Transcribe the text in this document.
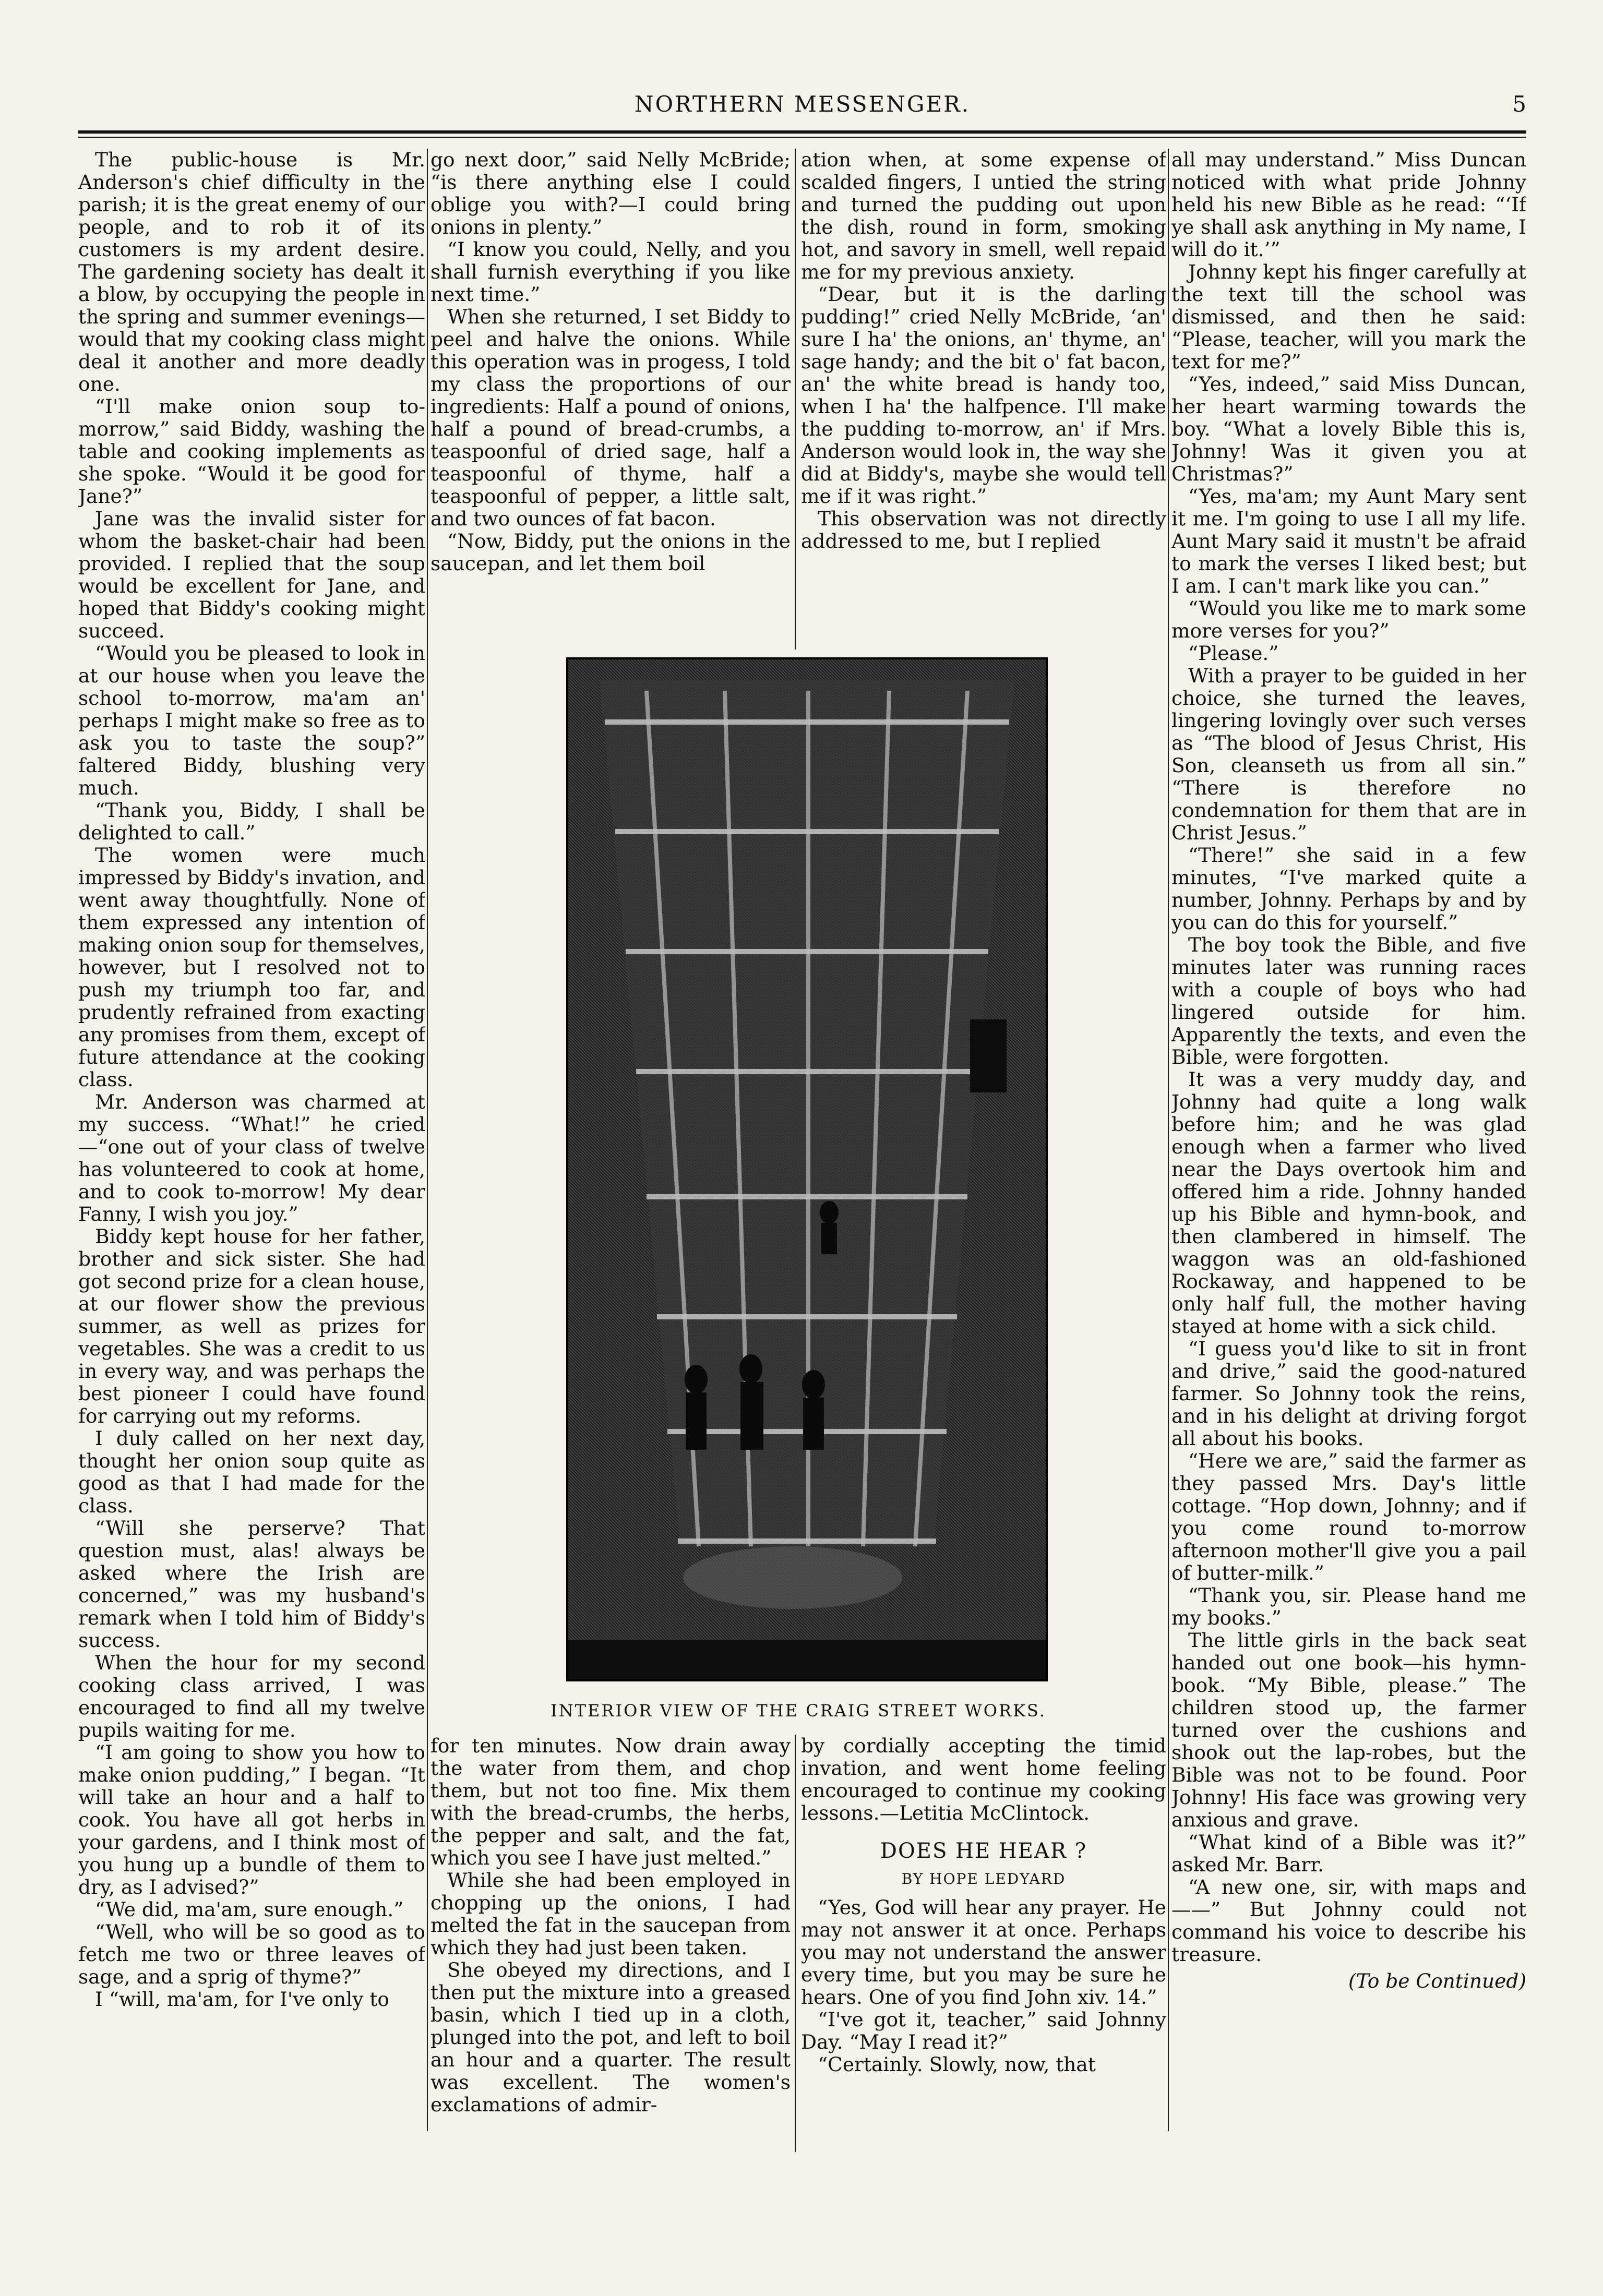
NORTHERN MESSENGER.	5

The public-house is Mr. Anderson's chief difficulty in the parish; it is the great enemy of our people, and to rob it of its customers is my ardent desire. The gardening society has dealt it a blow, by occupying the people in the spring and summer evenings—would that my cooking class might deal it another and more deadly one.

“I'll make onion soup to-morrow,” said Biddy, washing the table and cooking implements as she spoke. “Would it be good for Jane?”

Jane was the invalid sister for whom the basket-chair had been provided. I replied that the soup would be excellent for Jane, and hoped that Biddy's cooking might succeed.

“Would you be pleased to look in at our house when you leave the school to-morrow, ma'am an' perhaps I might make so free as to ask you to taste the soup?” faltered Biddy, blushing very much.

“Thank you, Biddy, I shall be delighted to call.”

The women were much impressed by Biddy's invation, and went away thoughtfully. None of them expressed any intention of making onion soup for themselves, however, but I resolved not to push my triumph too far, and prudently refrained from exacting any promises from them, except of future attendance at the cooking class.

Mr. Anderson was charmed at my success. “What!” he cried—“one out of your class of twelve has volunteered to cook at home, and to cook to-morrow! My dear Fanny, I wish you joy.”

Biddy kept house for her father, brother and sick sister. She had got second prize for a clean house, at our flower show the previous summer, as well as prizes for vegetables. She was a credit to us in every way, and was perhaps the best pioneer I could have found for carrying out my reforms.

I duly called on her next day, thought her onion soup quite as good as that I had made for the class.

“Will she perserve? That question must, alas! always be asked where the Irish are concerned,” was my husband's remark when I told him of Biddy's success.

When the hour for my second cooking class arrived, I was encouraged to find all my twelve pupils waiting for me.

“I am going to show you how to make onion pudding,” I began. “It will take an hour and a half to cook. You have all got herbs in your gardens, and I think most of you hung up a bundle of them to dry, as I advised?”

“We did, ma'am, sure enough.”

“Well, who will be so good as to fetch me two or three leaves of sage, and a sprig of thyme?”

I “will, ma'am, for I've only to

go next door,” said Nelly McBride; “is there anything else I could oblige you with?—I could bring onions in plenty.”

“I know you could, Nelly, and you shall furnish everything if you like next time.”

When she returned, I set Biddy to peel and halve the onions. While this operation was in progess, I told my class the proportions of our ingredients: Half a pound of onions, half a pound of bread-crumbs, a teaspoonful of dried sage, half a teaspoonful of thyme, half a teaspoonful of pepper, a little salt, and two ounces of fat bacon.

“Now, Biddy, put the onions in the saucepan, and let them boil

ation when, at some expense of scalded fingers, I untied the string and turned the pudding out upon the dish, round in form, smoking hot, and savory in smell, well repaid me for my previous anxiety.

“Dear, but it is the darling pudding!” cried Nelly McBride, ‘an' sure I ha' the onions, an' thyme, an' sage handy; and the bit o' fat bacon, an' the white bread is handy too, when I ha' the halfpence. I'll make the pudding to-morrow, an' if Mrs. Anderson would look in, the way she did at Biddy's, maybe she would tell me if it was right.”

This observation was not directly addressed to me, but I replied

INTERIOR VIEW OF THE CRAIG STREET WORKS.

for ten minutes. Now drain away the water from them, and chop them, but not too fine. Mix them with the bread-crumbs, the herbs, the pepper and salt, and the fat, which you see I have just melted.”

While she had been employed in chopping up the onions, I had melted the fat in the saucepan from which they had just been taken.

She obeyed my directions, and I then put the mixture into a greased basin, which I tied up in a cloth, plunged into the pot, and left to boil an hour and a quarter. The result was excellent. The women's exclamations of admir-

by cordially accepting the timid invation, and went home feeling encouraged to continue my cooking lessons.—Letitia McClintock.

DOES HE HEAR ?
BY HOPE LEDYARD

“Yes, God will hear any prayer. He may not answer it at once. Perhaps you may not understand the answer every time, but you may be sure he hears. One of you find John xiv. 14.”

“I've got it, teacher,” said Johnny Day. “May I read it?”

“Certainly. Slowly, now, that

all may understand.” Miss Duncan noticed with what pride Johnny held his new Bible as he read: “‘If ye shall ask anything in My name, I will do it.’”

Johnny kept his finger carefully at the text till the school was dismissed, and then he said: “Please, teacher, will you mark the text for me?”

“Yes, indeed,” said Miss Duncan, her heart warming towards the boy. “What a lovely Bible this is, Johnny! Was it given you at Christmas?”

“Yes, ma'am; my Aunt Mary sent it me. I'm going to use I all my life. Aunt Mary said it mustn't be afraid to mark the verses I liked best; but I am. I can't mark like you can.”

“Would you like me to mark some more verses for you?”

“Please.”

With a prayer to be guided in her choice, she turned the leaves, lingering lovingly over such verses as “The blood of Jesus Christ, His Son, cleanseth us from all sin.” “There is therefore no condemnation for them that are in Christ Jesus.”

“There!” she said in a few minutes, “I've marked quite a number, Johnny. Perhaps by and by you can do this for yourself.”

The boy took the Bible, and five minutes later was running races with a couple of boys who had lingered outside for him. Apparently the texts, and even the Bible, were forgotten.

It was a very muddy day, and Johnny had quite a long walk before him; and he was glad enough when a farmer who lived near the Days overtook him and offered him a ride. Johnny handed up his Bible and hymn-book, and then clambered in himself. The waggon was an old-fashioned Rockaway, and happened to be only half full, the mother having stayed at home with a sick child.

“I guess you'd like to sit in front and drive,” said the good-natured farmer. So Johnny took the reins, and in his delight at driving forgot all about his books.

“Here we are,” said the farmer as they passed Mrs. Day's little cottage. “Hop down, Johnny; and if you come round to-morrow afternoon mother'll give you a pail of butter-milk.”

“Thank you, sir. Please hand me my books.”

The little girls in the back seat handed out one book—his hymn-book. “My Bible, please.” The children stood up, the farmer turned over the cushions and shook out the lap-robes, but the Bible was not to be found. Poor Johnny! His face was growing very anxious and grave.

“What kind of a Bible was it?” asked Mr. Barr.

“A new one, sir, with maps and ——” But Johnny could not command his voice to describe his treasure.

(To be Continued)
